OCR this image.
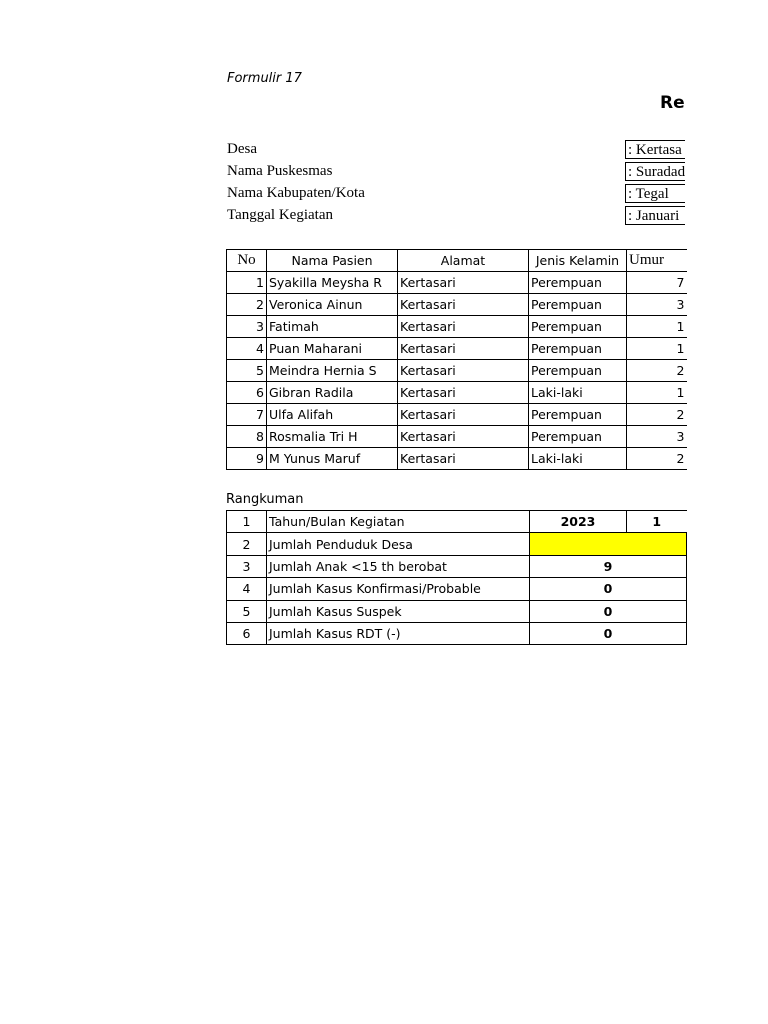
Formulir 17
Re
Desa	: Kertasa
Nama Puskesmas	: Suradad
Nama Kabupaten/Kota	: Tegal
Tanggal Kegiatan	: Januari
No	Nama Pasien	Alamat	Jenis Kelamin	Umur
1	Syakilla Meysha R	Kertasari	Perempuan	7
2	Veronica Ainun	Kertasari	Perempuan	3
3	Fatimah	Kertasari	Perempuan	1
4	Puan Maharani	Kertasari	Perempuan	1
5	Meindra Hernia S	Kertasari	Perempuan	2
6	Gibran Radila	Kertasari	Laki-laki	1
7	Ulfa Alifah	Kertasari	Perempuan	2
8	Rosmalia Tri H	Kertasari	Perempuan	3
9	M Yunus Maruf	Kertasari	Laki-laki	2
Rangkuman
1	Tahun/Bulan Kegiatan	2023	1
2	Jumlah Penduduk Desa		
3	Jumlah Anak <15 th berobat	9	
4	Jumlah Kasus Konfirmasi/Probable	0	
5	Jumlah Kasus Suspek	0	
6	Jumlah Kasus RDT (-)	0	
